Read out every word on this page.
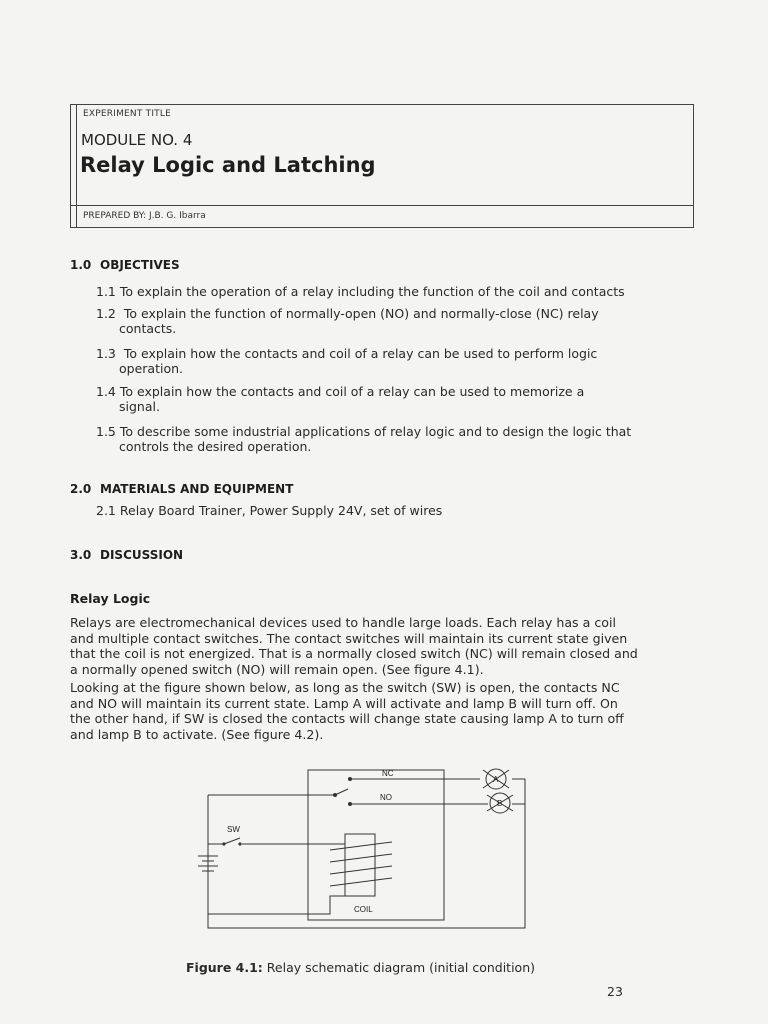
EXPERIMENT TITLE
MODULE NO. 4
Relay Logic and Latching
PREPARED BY: J.B. G. Ibarra
1.0 OBJECTIVES
1.1 To explain the operation of a relay including the function of the coil and contacts
1.2 To explain the function of normally-open (NO) and normally-close (NC) relay
contacts.
1.3 To explain how the contacts and coil of a relay can be used to perform logic
operation.
1.4 To explain how the contacts and coil of a relay can be used to memorize a
signal.
1.5 To describe some industrial applications of relay logic and to design the logic that
controls the desired operation.
2.0 MATERIALS AND EQUIPMENT
2.1 Relay Board Trainer, Power Supply 24V, set of wires
3.0 DISCUSSION
Relay Logic
Relays are electromechanical devices used to handle large loads. Each relay has a coil
and multiple contact switches. The contact switches will maintain its current state given
that the coil is not energized. That is a normally closed switch (NC) will remain closed and
a normally opened switch (NO) will remain open. (See figure 4.1).
Looking at the figure shown below, as long as the switch (SW) is open, the contacts NC
and NO will maintain its current state. Lamp A will activate and lamp B will turn off. On
the other hand, if SW is closed the contacts will change state causing lamp A to turn off
and lamp B to activate. (See figure 4.2).
NC
NO
SW
COIL
A
B
Figure 4.1: Relay schematic diagram (initial condition)
23
